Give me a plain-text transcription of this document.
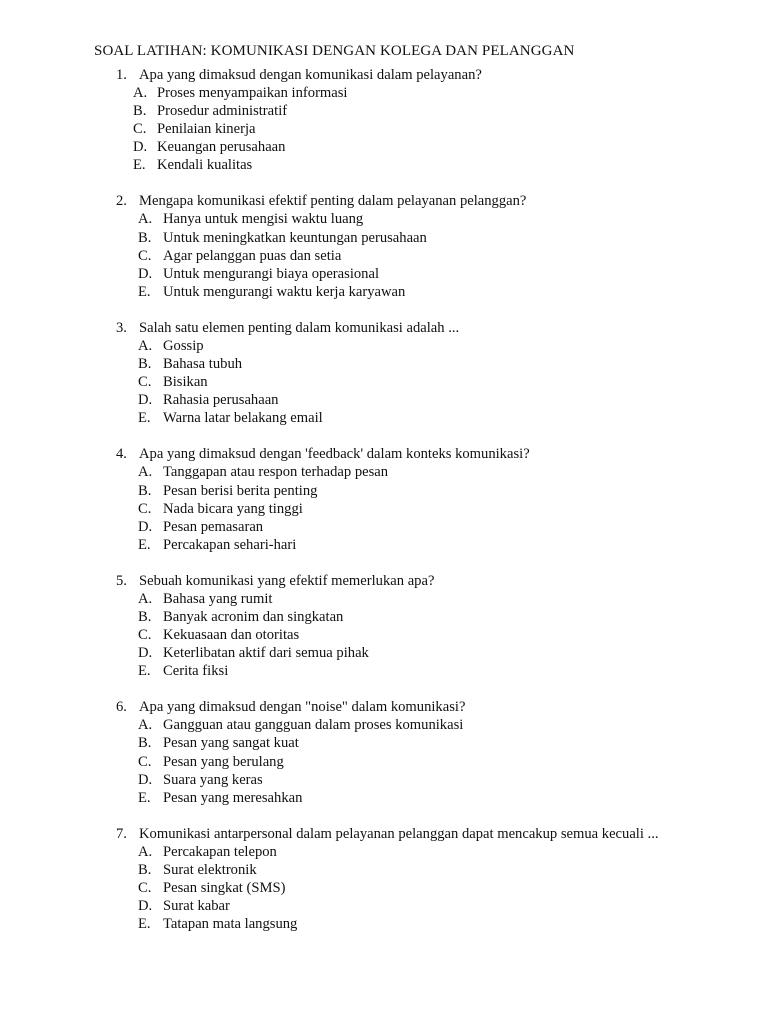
SOAL LATIHAN: KOMUNIKASI DENGAN KOLEGA DAN PELANGGAN
1. Apa yang dimaksud dengan komunikasi dalam pelayanan?
A. Proses menyampaikan informasi
B. Prosedur administratif
C. Penilaian kinerja
D. Keuangan perusahaan
E. Kendali kualitas
2. Mengapa komunikasi efektif penting dalam pelayanan pelanggan?
A. Hanya untuk mengisi waktu luang
B. Untuk meningkatkan keuntungan perusahaan
C. Agar pelanggan puas dan setia
D. Untuk mengurangi biaya operasional
E. Untuk mengurangi waktu kerja karyawan
3. Salah satu elemen penting dalam komunikasi adalah ...
A. Gossip
B. Bahasa tubuh
C. Bisikan
D. Rahasia perusahaan
E. Warna latar belakang email
4. Apa yang dimaksud dengan 'feedback' dalam konteks komunikasi?
A. Tanggapan atau respon terhadap pesan
B. Pesan berisi berita penting
C. Nada bicara yang tinggi
D. Pesan pemasaran
E. Percakapan sehari-hari
5. Sebuah komunikasi yang efektif memerlukan apa?
A. Bahasa yang rumit
B. Banyak acronim dan singkatan
C. Kekuasaan dan otoritas
D. Keterlibatan aktif dari semua pihak
E. Cerita fiksi
6. Apa yang dimaksud dengan "noise" dalam komunikasi?
A. Gangguan atau gangguan dalam proses komunikasi
B. Pesan yang sangat kuat
C. Pesan yang berulang
D. Suara yang keras
E. Pesan yang meresahkan
7. Komunikasi antarpersonal dalam pelayanan pelanggan dapat mencakup semua kecuali ...
A. Percakapan telepon
B. Surat elektronik
C. Pesan singkat (SMS)
D. Surat kabar
E. Tatapan mata langsung
